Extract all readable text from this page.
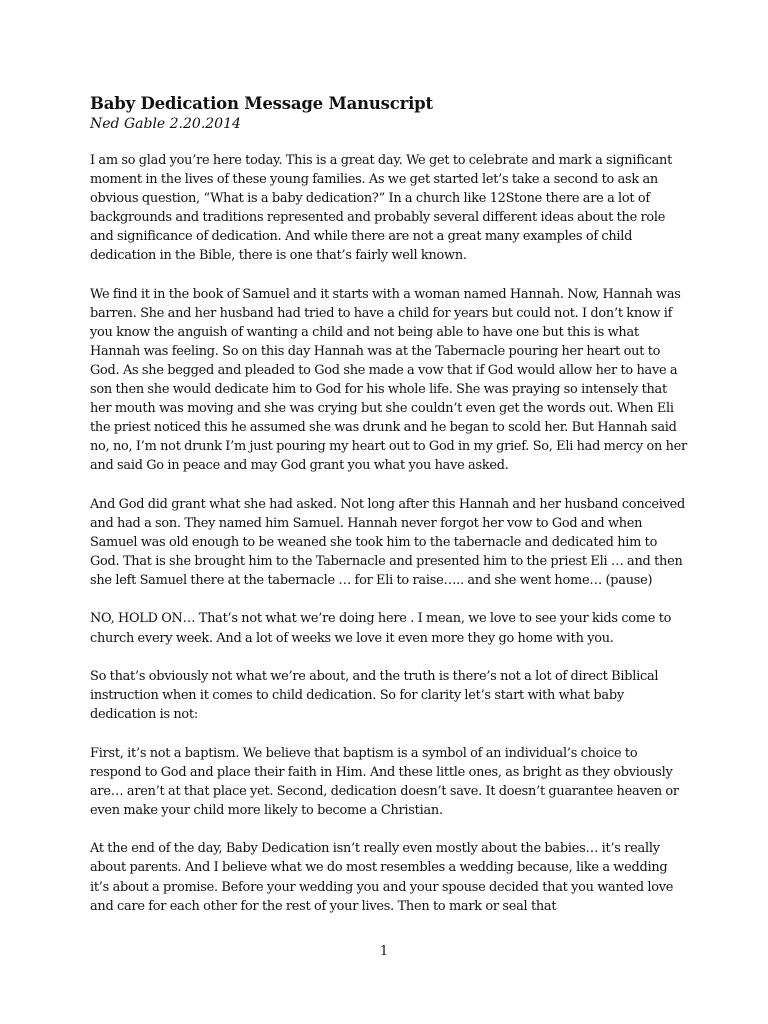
Baby Dedication Message Manuscript
Ned Gable 2.20.2014

I am so glad you’re here today. This is a great day. We get to celebrate and mark a significant moment in the lives of these young families. As we get started let’s take a second to ask an obvious question, “What is a baby dedication?” In a church like 12Stone there are a lot of backgrounds and traditions represented and probably several different ideas about the role and significance of dedication. And while there are not a great many examples of child dedication in the Bible, there is one that’s fairly well known.

We find it in the book of Samuel and it starts with a woman named Hannah. Now, Hannah was barren. She and her husband had tried to have a child for years but could not. I don’t know if you know the anguish of wanting a child and not being able to have one but this is what Hannah was feeling. So on this day Hannah was at the Tabernacle pouring her heart out to God. As she begged and pleaded to God she made a vow that if God would allow her to have a son then she would dedicate him to God for his whole life. She was praying so intensely that her mouth was moving and she was crying but she couldn’t even get the words out. When Eli the priest noticed this he assumed she was drunk and he began to scold her. But Hannah said no, no, I’m not drunk I’m just pouring my heart out to God in my grief. So, Eli had mercy on her and said Go in peace and may God grant you what you have asked.

And God did grant what she had asked. Not long after this Hannah and her husband conceived and had a son. They named him Samuel. Hannah never forgot her vow to God and when Samuel was old enough to be weaned she took him to the tabernacle and dedicated him to God. That is she brought him to the Tabernacle and presented him to the priest Eli … and then she left Samuel there at the tabernacle … for Eli to raise….. and she went home… (pause)

NO, HOLD ON… That’s not what we’re doing here . I mean, we love to see your kids come to church every week. And a lot of weeks we love it even more they go home with you.

So that’s obviously not what we’re about, and the truth is there’s not a lot of direct Biblical instruction when it comes to child dedication. So for clarity let’s start with what baby dedication is not:

First, it’s not a baptism. We believe that baptism is a symbol of an individual’s choice to respond to God and place their faith in Him. And these little ones, as bright as they obviously are… aren’t at that place yet. Second, dedication doesn’t save. It doesn’t guarantee heaven or even make your child more likely to become a Christian.

At the end of the day, Baby Dedication isn’t really even mostly about the babies… it’s really about parents. And I believe what we do most resembles a wedding because, like a wedding it’s about a promise. Before your wedding you and your spouse decided that you wanted love and care for each other for the rest of your lives. Then to mark or seal that

1
